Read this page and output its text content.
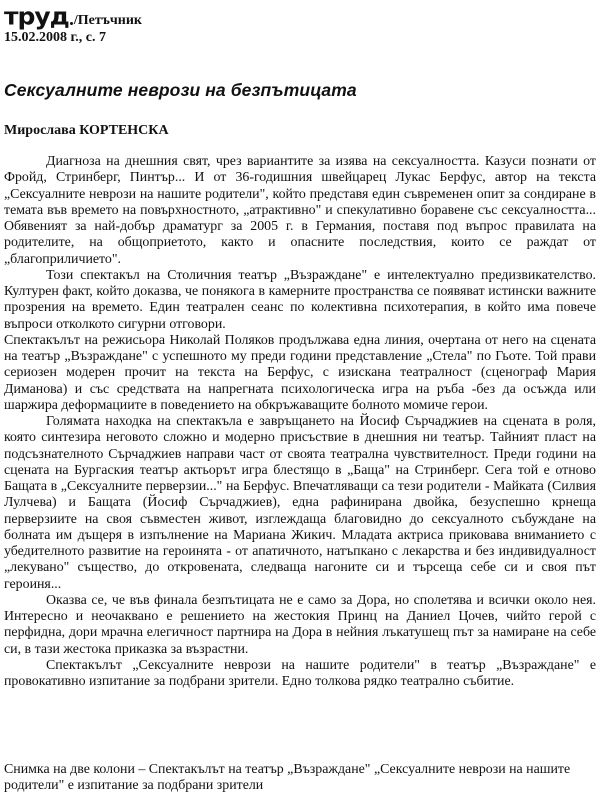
труд /Петъчник
15.02.2008 г., с. 7
Сексуалните неврози на безпътицата
Мирослава КОРТЕНСКА

Диагноза на днешния свят, чрез вариантите за изява на сексуалността. Казуси познати от Фройд, Стринберг, Пинтър... И от 36-годишния швейцарец Лукас Берфус, автор на текста „Сексуалните неврози на нашите родители", който представя един съвременен опит за сондиране в темата във времето на повърхностното, „атрактивно" и спекулативно боравене със сексуалността... Обявеният за най-добър драматург за 2005 г. в Германия, поставя под въпрос правилата на родителите, на общоприетото, както и опасните последствия, които се раждат от „благоприличието".

Този спектакъл на Столичния театър „Възраждане" е интелектуално предизвикателство. Културен факт, който доказва, че понякога в камерните пространства се появяват истински важните прозрения на времето. Един театрален сеанс по колективна психотерапия, в който има повече въпроси отколкото сигурни отговори.

Спектакълът на режисьора Николай Поляков продължава една линия, очертана от него на сцената на театър „Възраждане" с успешното му преди години представление „Стела" по Гьоте. Той прави сериозен модерен прочит на текста на Берфус, с изискана театралност (сценограф Мария Диманова) и със средствата на напрегната психологическа игра на ръба -без да осъжда или шаржира деформациите в поведението на обкръжаващите болното момиче герои.

Голямата находка на спектакъла е завръщането на Йосиф Сърчаджиев на сцената в роля, която синтезира неговото сложно и модерно присъствие в днешния ни театър. Тайният пласт на подсъзнателното Сърчаджиев направи част от своята театрална чувствителност. Преди години на сцената на Бургаския театър актьорът игра блестящо в „Баща" на Стринберг. Сега той е отново Бащата в „Сексуалните перверзии..." на Берфус. Впечатляващи са тези родители - Майката (Силвия Лулчева) и Бащата (Йосиф Сърчаджиев), една рафинирана двойка, безуспешно крнеща перверзиите на своя съвместен живот, изглеждаща благовидно до сексуалното събуждане на болната им дъщеря в изпълнение на Мариана Жикич. Младата актриса приковава вниманието с убедителното развитие на героинята - от апатичното, натъпкано с лекарства и без индивидуалност „лекувано" същество, до откровената, следваща нагоните си и търсеща себе си и своя път героиня...

Оказва се, че във финала безпътицата не е само за Дора, но сполетява и всички около нея. Интересно и неочаквано е решението на жестокия Принц на Даниел Цочев, чийто герой с перфидна, дори мрачна елегичност партнира на Дора в нейния лъкатушещ път за намиране на себе си, в тази жестока приказка за възрастни.

Спектакълът „Сексуалните неврози на нашите родители" в театър „Възраждане" е провокативно изпитание за подбрани зрители. Едно толкова рядко театрално събитие.

Снимка на две колони – Спектакълът на театър „Възраждане" „Сексуалните неврози на нашите родители" е изпитание за подбрани зрители
